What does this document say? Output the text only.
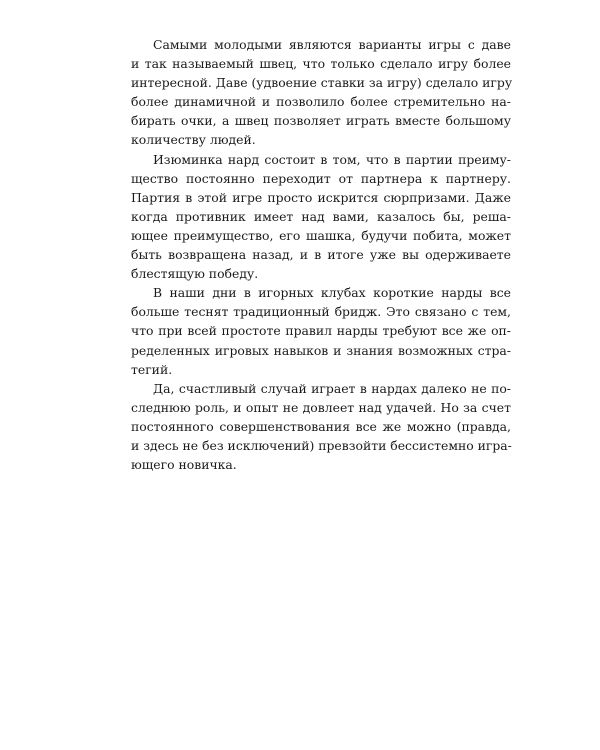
Самыми молодыми являются варианты игры с даве
и так называемый швец, что только сделало игру более
интересной. Даве (удвоение ставки за игру) сделало игру
более динамичной и позволило более стремительно на-
бирать очки, а швец позволяет играть вместе большому
количеству людей.

Изюминка нард состоит в том, что в партии преиму-
щество постоянно переходит от партнера к партнеру.
Партия в этой игре просто искрится сюрпризами. Даже
когда противник имеет над вами, казалось бы, реша-
ющее преимущество, его шашка, будучи побита, может
быть возвращена назад, и в итоге уже вы одерживаете
блестящую победу.

В наши дни в игорных клубах короткие нарды все
больше теснят традиционный бридж. Это связано с тем,
что при всей простоте правил нарды требуют все же оп-
ределенных игровых навыков и знания возможных стра-
тегий.

Да, счастливый случай играет в нардах далеко не по-
следнюю роль, и опыт не довлеет над удачей. Но за счет
постоянного совершенствования все же можно (правда,
и здесь не без исключений) превзойти бессистемно игра-
ющего новичка.
